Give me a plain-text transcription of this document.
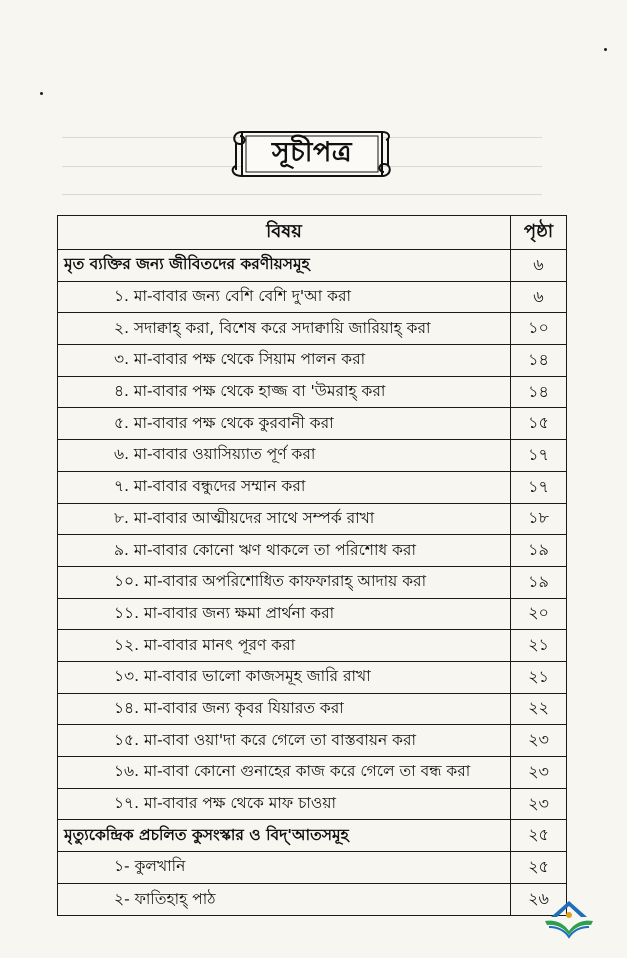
সূচীপত্র
বিষয়	পৃষ্ঠা
মৃত ব্যক্তির জন্য জীবিতদের করণীয়সমূহ	৬
১. মা-বাবার জন্য বেশি বেশি দু'আ করা	৬
২. সদাক্বাহ্ করা, বিশেষ করে সদাক্বায়ি জারিয়াহ্ করা	১০
৩. মা-বাবার পক্ষ থেকে সিয়াম পালন করা	১৪
৪. মা-বাবার পক্ষ থেকে হাজ্জ বা 'উমরাহ্ করা	১৪
৫. মা-বাবার পক্ষ থেকে কুরবানী করা	১৫
৬. মা-বাবার ওয়াসিয়্যাত পূর্ণ করা	১৭
৭. মা-বাবার বন্ধুদের সম্মান করা	১৭
৮. মা-বাবার আত্মীয়দের সাথে সম্পর্ক রাখা	১৮
৯. মা-বাবার কোনো ঋণ থাকলে তা পরিশোধ করা	১৯
১০. মা-বাবার অপরিশোধিত কাফফারাহ্ আদায় করা	১৯
১১. মা-বাবার জন্য ক্ষমা প্রার্থনা করা	২০
১২. মা-বাবার মানৎ পূরণ করা	২১
১৩. মা-বাবার ভালো কাজসমূহ জারি রাখা	২১
১৪. মা-বাবার জন্য কৃবর যিয়ারত করা	২২
১৫. মা-বাবা ওয়া'দা করে গেলে তা বাস্তবায়ন করা	২৩
১৬. মা-বাবা কোনো গুনাহের কাজ করে গেলে তা বন্ধ করা	২৩
১৭. মা-বাবার পক্ষ থেকে মাফ চাওয়া	২৩
মৃত্যুকেন্দ্রিক প্রচলিত কুসংস্কার ও বিদ্'আতসমূহ	২৫
১- কুলখানি	২৫
২- ফাতিহাহ্ পাঠ	২৬
